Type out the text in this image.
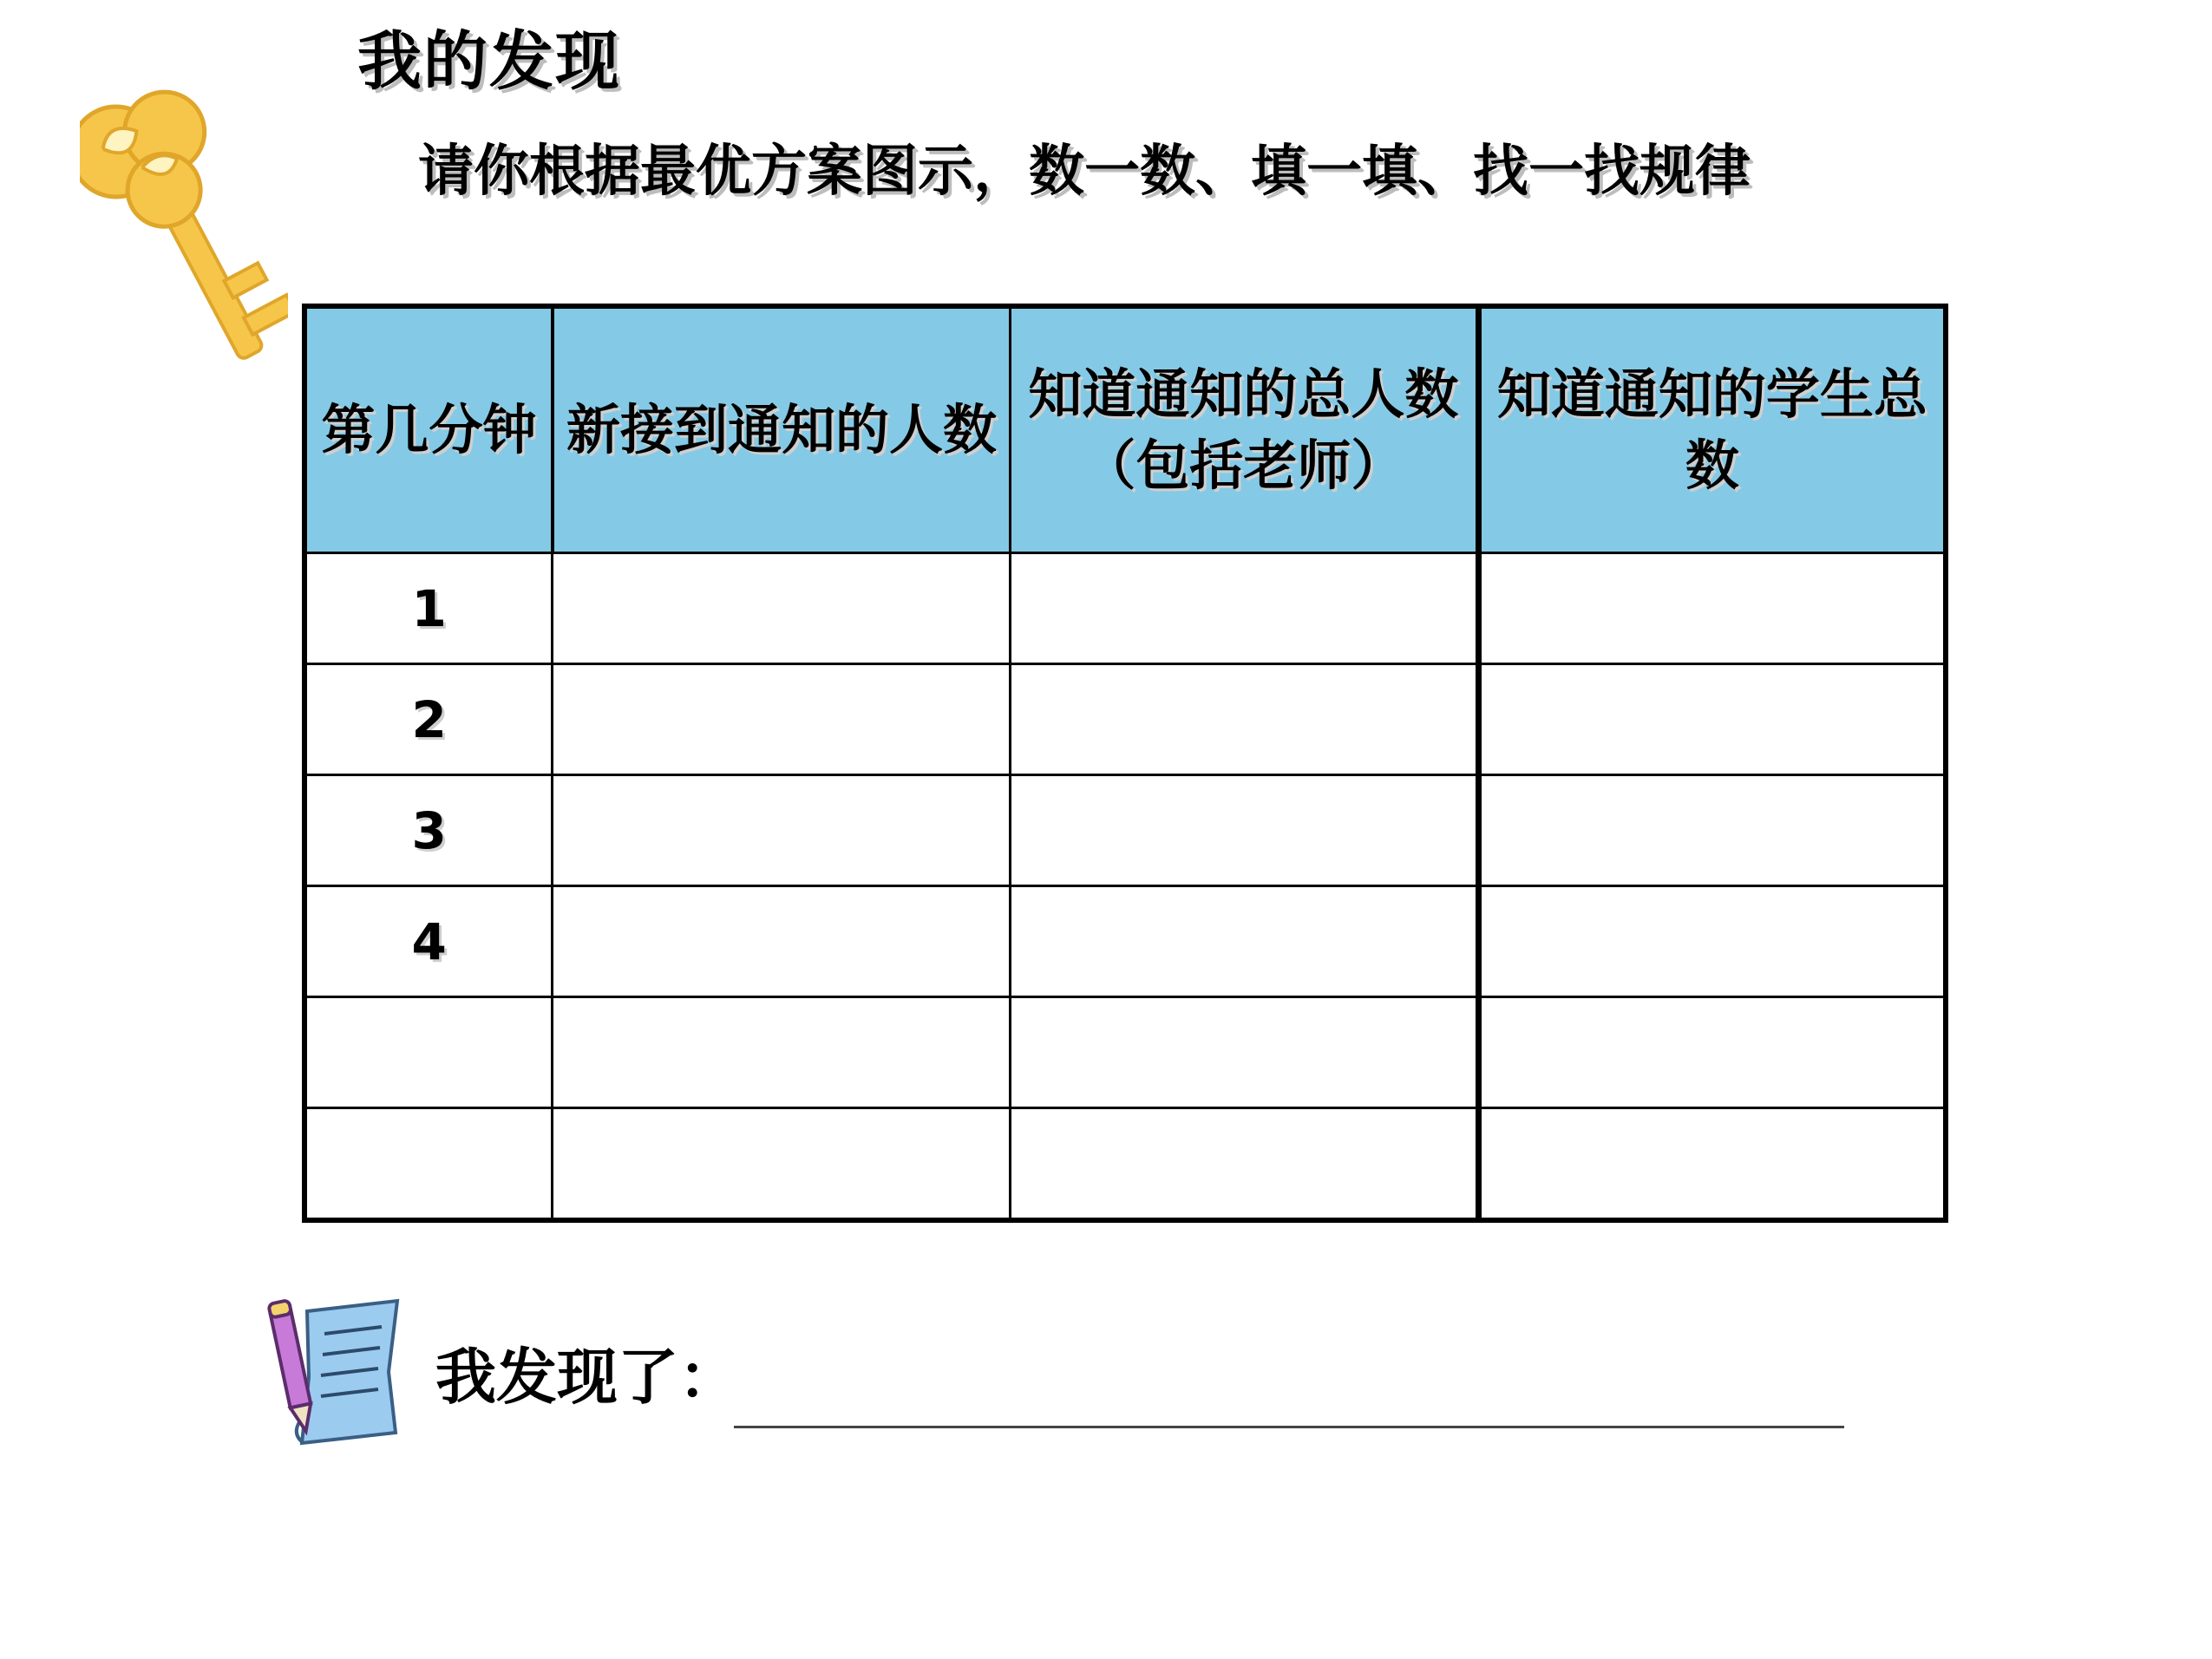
我的发现
请你根据最优方案图示，数一数、填一填、找一找规律
第几分钟	新接到通知的人数	知道通知的总人数（包括老师）	知道通知的学生总数
1			
2			
3			
4			

我发现了：
